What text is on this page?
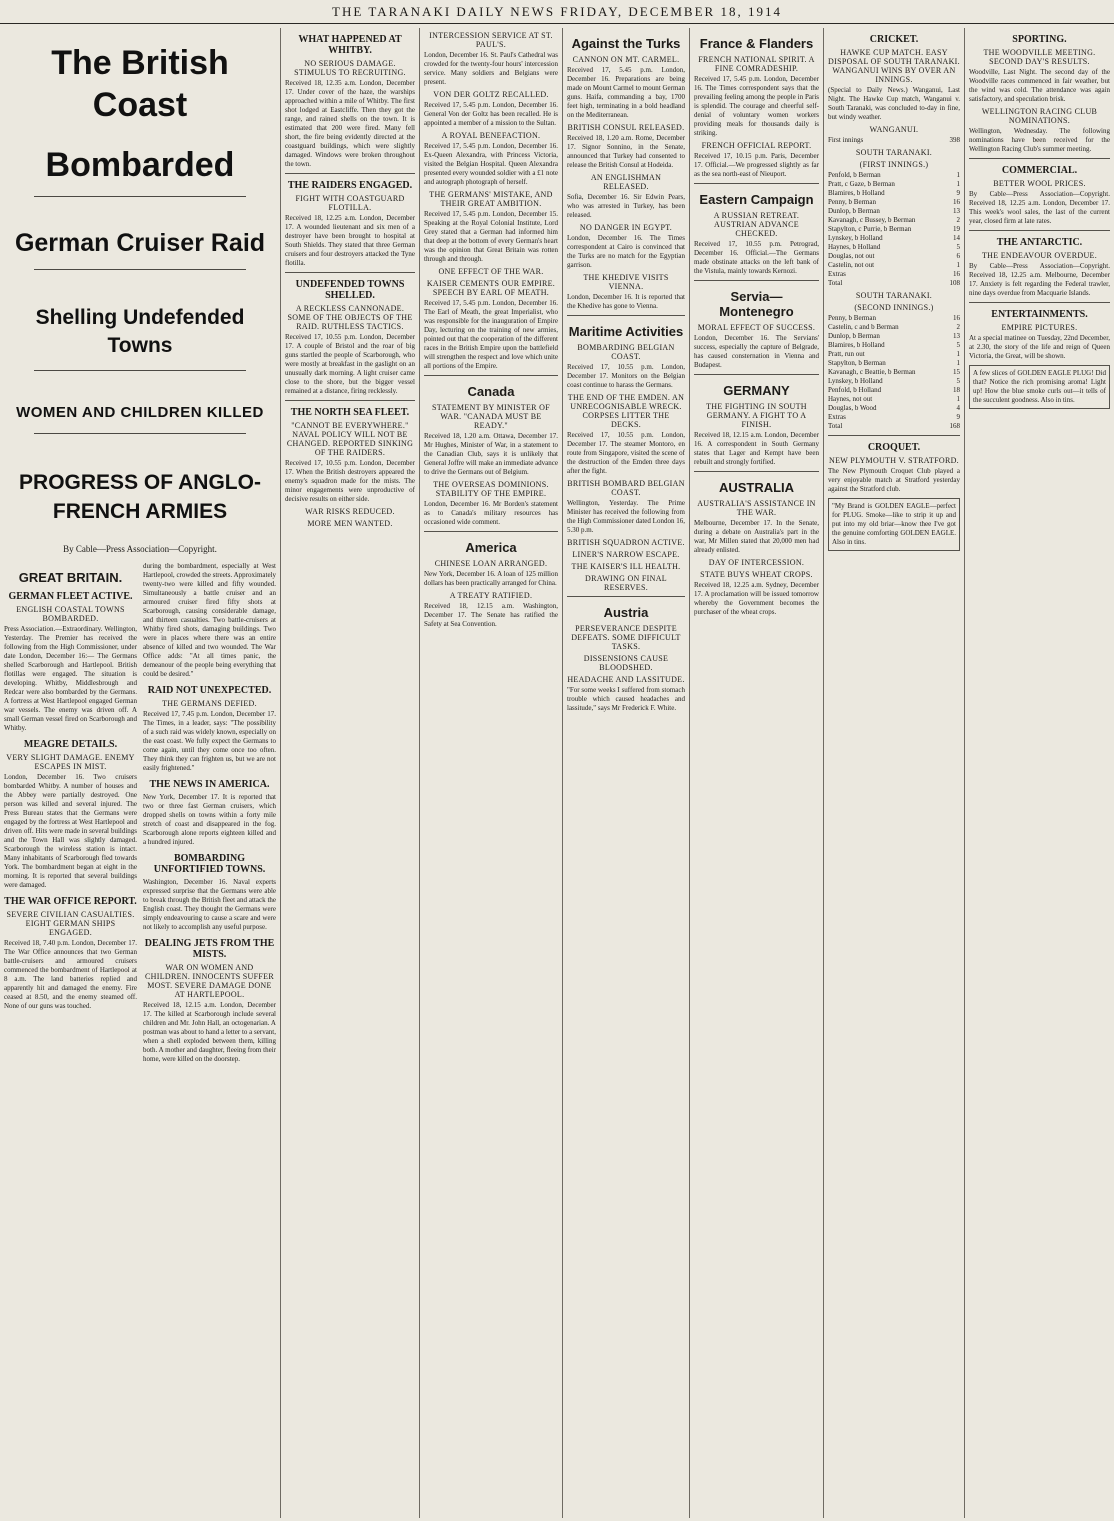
THE TARANAKI DAILY NEWS FRIDAY, DECEMBER 18, 1914
The British Coast
Bombarded
German Cruiser Raid
Shelling Undefended Towns
WOMEN AND CHILDREN KILLED
PROGRESS OF ANGLO-FRENCH ARMIES
By Cable—Press Association—Copyright.
GREAT BRITAIN.
GERMAN FLEET ACTIVE.
ENGLISH COASTAL TOWNS BOMBARDED.
Press Association.—Extraordinary. Wellington, Yesterday. The Premier has received the following from the High Commissioner, under date London, December 16:— The Germans shelled Scarborough and Hartlepool. British flotillas were engaged. The situation is developing. Whitby, Middlesbrough and Redcar were also bombarded by the Germans. A fortress at West Hartlepool engaged German war vessels. The enemy was driven off. A small German vessel fired on Scarborough and Whitby.
MEAGRE DETAILS.
VERY SLIGHT DAMAGE. ENEMY ESCAPES IN MIST.
London, December 16. Two cruisers bombarded Whitby. A number of houses and the Abbey were partially destroyed. One person was killed and several injured. The Press Bureau states that the Germans were engaged by the fortress at West Hartlepool and driven off. Hits were made in several buildings and the Town Hall was slightly damaged. Scarborough the wireless station is intact. Many inhabitants of Scarborough fled towards York. The bombardment began at eight in the morning. It is reported that several buildings were damaged.
THE WAR OFFICE REPORT.
SEVERE CIVILIAN CASUALTIES. EIGHT GERMAN SHIPS ENGAGED.
Received 18, 7.40 p.m. London, December 17. The War Office announces that two German battle-cruisers and armoured cruisers commenced the bombardment of Hartlepool at 8 a.m. The land batteries replied and apparently hit and damaged the enemy. Fire ceased at 8.50, and the enemy steamed off. None of our guns was touched.
during the bombardment, especially at West Hartlepool, crowded the streets. Approximately twenty-two were killed and fifty wounded. Simultaneously a battle cruiser and an armoured cruiser fired fifty shots at Scarborough, causing considerable damage, and thirteen casualties. Two battle-cruisers at Whitby fired shots, damaging buildings. Two were in places where there was an entire absence of killed and two wounded. The War Office adds: "At all times panic, the demeanour of the people being everything that could be desired."
RAID NOT UNEXPECTED.
THE GERMANS DEFIED.
Received 17, 7.45 p.m. London, December 17. The Times, in a leader, says: "The possibility of a such raid was widely known, especially on the east coast. We fully expect the Germans to come again, until they come once too often. They think they can frighten us, but we are not easily frightened."
THE NEWS IN AMERICA.
New York, December 17. It is reported that two or three fast German cruisers, which dropped shells on towns within a forty mile stretch of coast and disappeared in the fog. Scarborough alone reports eighteen killed and a hundred injured.
BOMBARDING UNFORTIFIED TOWNS.
Washington, December 16. Naval experts expressed surprise that the Germans were able to break through the British fleet and attack the English coast. They thought the Germans were simply endeavouring to cause a scare and were not likely to accomplish any useful purpose.
DEALING JETS FROM THE MISTS.
WAR ON WOMEN AND CHILDREN. INNOCENTS SUFFER MOST. SEVERE DAMAGE DONE AT HARTLEPOOL.
Received 18, 12.15 a.m. London, December 17. The killed at Scarborough include several children and Mr. John Hall, an octogenarian. A postman was about to hand a letter to a servant, when a shell exploded between them, killing both. A mother and daughter, fleeing from their home, were killed on the doorstep.
WHAT HAPPENED AT WHITBY.
NO SERIOUS DAMAGE. STIMULUS TO RECRUITING.
Received 18, 12.35 a.m. London, December 17. Under cover of the haze, the warships approached within a mile of Whitby. The first shot lodged at Eastcliffe. Then they got the range, and rained shells on the town. It is estimated that 200 were fired. Many fell short, the fire being evidently directed at the coastguard buildings, which were slightly damaged. Windows were broken throughout the town.
THE RAIDERS ENGAGED.
FIGHT WITH COASTGUARD FLOTILLA.
Received 18, 12.25 a.m. London, December 17. A wounded lieutenant and six men of a destroyer have been brought to hospital at South Shields. They stated that three German cruisers and four destroyers attacked the Tyne flotilla.
UNDEFENDED TOWNS SHELLED.
A RECKLESS CANNONADE. SOME OF THE OBJECTS OF THE RAID. RUTHLESS TACTICS.
Received 17, 10.55 p.m. London, December 17. A couple of Bristol and the roar of big guns startled the people of Scarborough, who were mostly at breakfast in the gaslight on an unusually dark morning. A light cruiser came close to the shore, but the bigger vessel remained at a distance, firing recklessly.
THE NORTH SEA FLEET.
"CANNOT BE EVERYWHERE." NAVAL POLICY WILL NOT BE CHANGED. REPORTED SINKING OF THE RAIDERS.
Received 17, 10.55 p.m. London, December 17. When the British destroyers appeared the enemy's squadron made for the mists. The minor engagements were unproductive of decisive results on either side.
WAR RISKS REDUCED.
MORE MEN WANTED.
INTERCESSION SERVICE AT ST. PAUL'S.
London, December 16. St. Paul's Cathedral was crowded for the twenty-four hours' intercession service. Many soldiers and Belgians were present.
VON DER GOLTZ RECALLED.
Received 17, 5.45 p.m. London, December 16. General Von der Goltz has been recalled. He is appointed a member of a mission to the Sultan.
A ROYAL BENEFACTION.
Received 17, 5.45 p.m. London, December 16. Ex-Queen Alexandra, with Princess Victoria, visited the Belgian Hospital. Queen Alexandra presented every wounded soldier with a £1 note and autograph photograph of herself.
THE GERMANS' MISTAKE, AND THEIR GREAT AMBITION.
Received 17, 5.45 p.m. London, December 15. Speaking at the Royal Colonial Institute, Lord Grey stated that a German had informed him that deep at the bottom of every German's heart was the opinion that Great Britain was rotten through and through.
ONE EFFECT OF THE WAR.
KAISER CEMENTS OUR EMPIRE. SPEECH BY EARL OF MEATH.
Received 17, 5.45 p.m. London, December 16. The Earl of Meath, the great Imperialist, who was responsible for the inauguration of Empire Day, lecturing on the training of new armies, pointed out that the cooperation of the different races in the British Empire upon the battlefield will strengthen the respect and love which unite all portions of the Empire.
Canada
STATEMENT BY MINISTER OF WAR. "CANADA MUST BE READY."
Received 18, 1.20 a.m. Ottawa, December 17. Mr Hughes, Minister of War, in a statement to the Canadian Club, says it is unlikely that General Joffre will make an immediate advance to drive the Germans out of Belgium.
THE OVERSEAS DOMINIONS. STABILITY OF THE EMPIRE.
London, December 16. Mr Borden's statement as to Canada's military resources has occasioned wide comment.
America
CHINESE LOAN ARRANGED.
New York, December 16. A loan of 125 million dollars has been practically arranged for China.
A TREATY RATIFIED.
Received 18, 12.15 a.m. Washington, December 17. The Senate has ratified the Safety at Sea Convention.
Against the Turks
CANNON ON MT. CARMEL.
Received 17, 5.45 p.m. London, December 16. Preparations are being made on Mount Carmel to mount German guns. Haifa, commanding a bay, 1700 feet high, terminating in a bold headland on the Mediterranean.
BRITISH CONSUL RELEASED.
Received 18, 1.20 a.m. Rome, December 17. Signor Sonnino, in the Senate, announced that Turkey had consented to release the British Consul at Hodeida.
AN ENGLISHMAN RELEASED.
Sofia, December 16. Sir Edwin Pears, who was arrested in Turkey, has been released.
NO DANGER IN EGYPT.
London, December 16. The Times correspondent at Cairo is convinced that the Turks are no match for the Egyptian garrison.
THE KHEDIVE VISITS VIENNA.
London, December 16. It is reported that the Khedive has gone to Vienna.
Maritime Activities
BOMBARDING BELGIAN COAST.
Received 17, 10.55 p.m. London, December 17. Monitors on the Belgian coast continue to harass the Germans.
THE END OF THE EMDEN. AN UNRECOGNISABLE WRECK. CORPSES LITTER THE DECKS.
Received 17, 10.55 p.m. London, December 17. The steamer Montoro, en route from Singapore, visited the scene of the destruction of the Emden three days after the fight.
BRITISH BOMBARD BELGIAN COAST.
Wellington, Yesterday. The Prime Minister has received the following from the High Commissioner dated London 16, 5.30 p.m.
BRITISH SQUADRON ACTIVE.
LINER'S NARROW ESCAPE.
THE KAISER'S ILL HEALTH.
DRAWING ON FINAL RESERVES.
Austria
PERSEVERANCE DESPITE DEFEATS. SOME DIFFICULT TASKS.
DISSENSIONS CAUSE BLOODSHED.
HEADACHE AND LASSITUDE.
"For some weeks I suffered from stomach trouble which caused headaches and lassitude," says Mr Frederick F. White.
France & Flanders
FRENCH NATIONAL SPIRIT. A FINE COMRADESHIP.
Received 17, 5.45 p.m. London, December 16. The Times correspondent says that the prevailing feeling among the people in Paris is splendid. The courage and cheerful self-denial of voluntary women workers providing meals for thousands daily is striking.
FRENCH OFFICIAL REPORT.
Received 17, 10.15 p.m. Paris, December 17. Official.—We progressed slightly as far as the sea north-east of Nieuport.
Eastern Campaign
A RUSSIAN RETREAT. AUSTRIAN ADVANCE CHECKED.
Received 17, 10.55 p.m. Petrograd, December 16. Official.—The Germans made obstinate attacks on the left bank of the Vistula, mainly towards Kernozi.
Servia—Montenegro
MORAL EFFECT OF SUCCESS.
London, December 16. The Servians' success, especially the capture of Belgrade, has caused consternation in Vienna and Budapest.
GERMANY
THE FIGHTING IN SOUTH GERMANY. A FIGHT TO A FINISH.
Received 18, 12.15 a.m. London, December 16. A correspondent in South Germany states that Lager and Kempt have been rebuilt and strongly fortified.
AUSTRALIA
AUSTRALIA'S ASSISTANCE IN THE WAR.
Melbourne, December 17. In the Senate, during a debate on Australia's part in the war, Mr Millen stated that 20,000 men had already enlisted.
DAY OF INTERCESSION.
STATE BUYS WHEAT CROPS.
Received 18, 12.25 a.m. Sydney, December 17. A proclamation will be issued tomorrow whereby the Government becomes the purchaser of the wheat crops.
CRICKET.
HAWKE CUP MATCH. EASY DISPOSAL OF SOUTH TARANAKI. WANGANUI WINS BY OVER AN INNINGS.
(Special to Daily News.) Wanganui, Last Night. The Hawke Cup match, Wanganui v. South Taranaki, was concluded to-day in fine, but windy weather.
WANGANUI.
First innings	398
SOUTH TARANAKI.
(FIRST INNINGS.)
Penfold, b Berman	1
Pratt, c Gaze, b Berman	1
Blamires, b Holland	9
Penny, b Berman	16
Dunlop, b Berman	13
Kavanagh, c Bussey, b Berman	2
Stapylton, c Purrie, b Berman	19
Lynskey, b Holland	14
Haynes, b Holland	5
Douglas, not out	6
Castelin, not out	1
Extras	16
Total	108
SOUTH TARANAKI.
(SECOND INNINGS.)
Penny, b Berman	16
Castelin, c and b Berman	2
Dunlop, b Berman	13
Blamires, b Holland	5
Pratt, run out	1
Stapylton, b Berman	1
Kavanagh, c Beattie, b Berman	15
Lynskey, b Holland	5
Penfold, b Holland	18
Haynes, not out	1
Douglas, b Wood	4
Extras	9
Total	168
CROQUET.
NEW PLYMOUTH V. STRATFORD.
The New Plymouth Croquet Club played a very enjoyable match at Stratford yesterday against the Stratford club.
"My Brand is GOLDEN EAGLE—perfect for PLUG. Smoke—like to strip it up and put into my old briar—know thee I've got the genuine comforting GOLDEN EAGLE. Also in tins.
SPORTING.
THE WOODVILLE MEETING. SECOND DAY'S RESULTS.
Woodville, Last Night. The second day of the Woodville races commenced in fair weather, but the wind was cold. The attendance was again satisfactory, and speculation brisk.
WELLINGTON RACING CLUB NOMINATIONS.
Wellington, Wednesday. The following nominations have been received for the Wellington Racing Club's summer meeting.
COMMERCIAL.
BETTER WOOL PRICES.
By Cable—Press Association—Copyright. Received 18, 12.25 a.m. London, December 17. This week's wool sales, the last of the current year, closed firm at late rates.
THE ANTARCTIC.
THE ENDEAVOUR OVERDUE.
By Cable—Press Association—Copyright. Received 18, 12.25 a.m. Melbourne, December 17. Anxiety is felt regarding the Federal trawler, nine days overdue from Macquarie Islands.
ENTERTAINMENTS.
EMPIRE PICTURES.
At a special matinee on Tuesday, 22nd December, at 2.30, the story of the life and reign of Queen Victoria, the Great, will be shown.
A few slices of GOLDEN EAGLE PLUG! Did that? Notice the rich promising aroma! Light up! How the blue smoke curls out—it tells of the succulent goodness. Also in tins.
